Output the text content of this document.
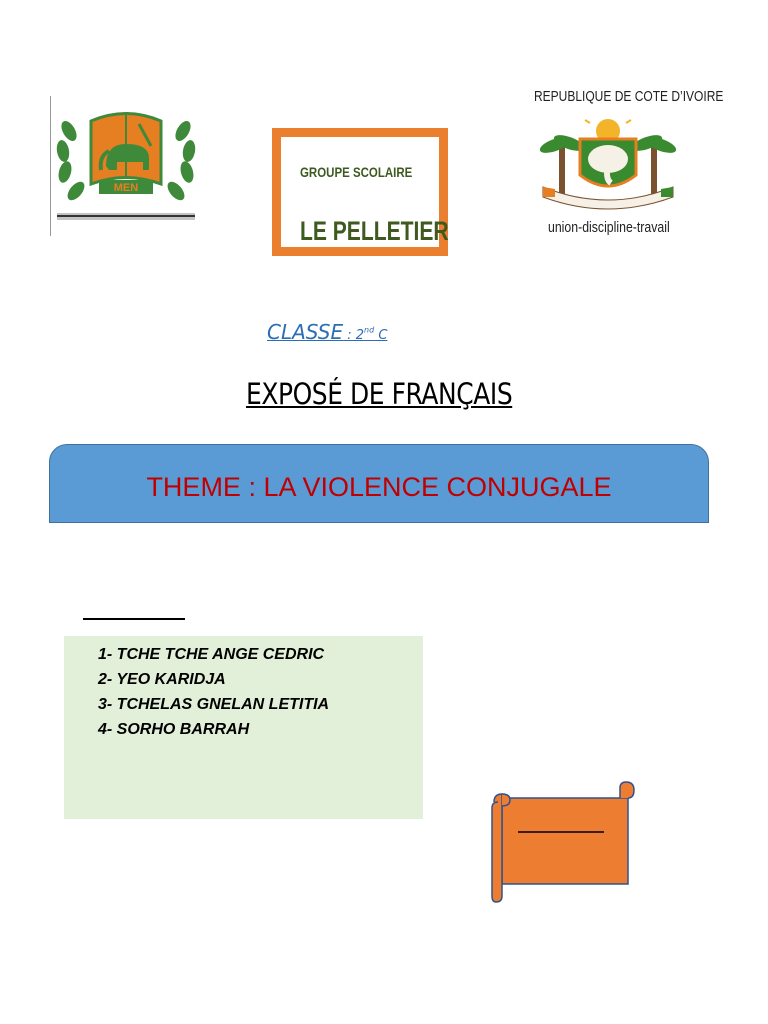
MEN
GROUPE SCOLAIRE
LE PELLETIER
REPUBLIQUE DE COTE D’IVOIRE
union-discipline-travail
CLASSE : 2nd C
EXPOSÉ DE FRANÇAIS
THEME : LA VIOLENCE CONJUGALE
1- TCHE TCHE ANGE CEDRIC
2- YEO KARIDJA
3- TCHELAS GNELAN LETITIA
4- SORHO BARRAH
